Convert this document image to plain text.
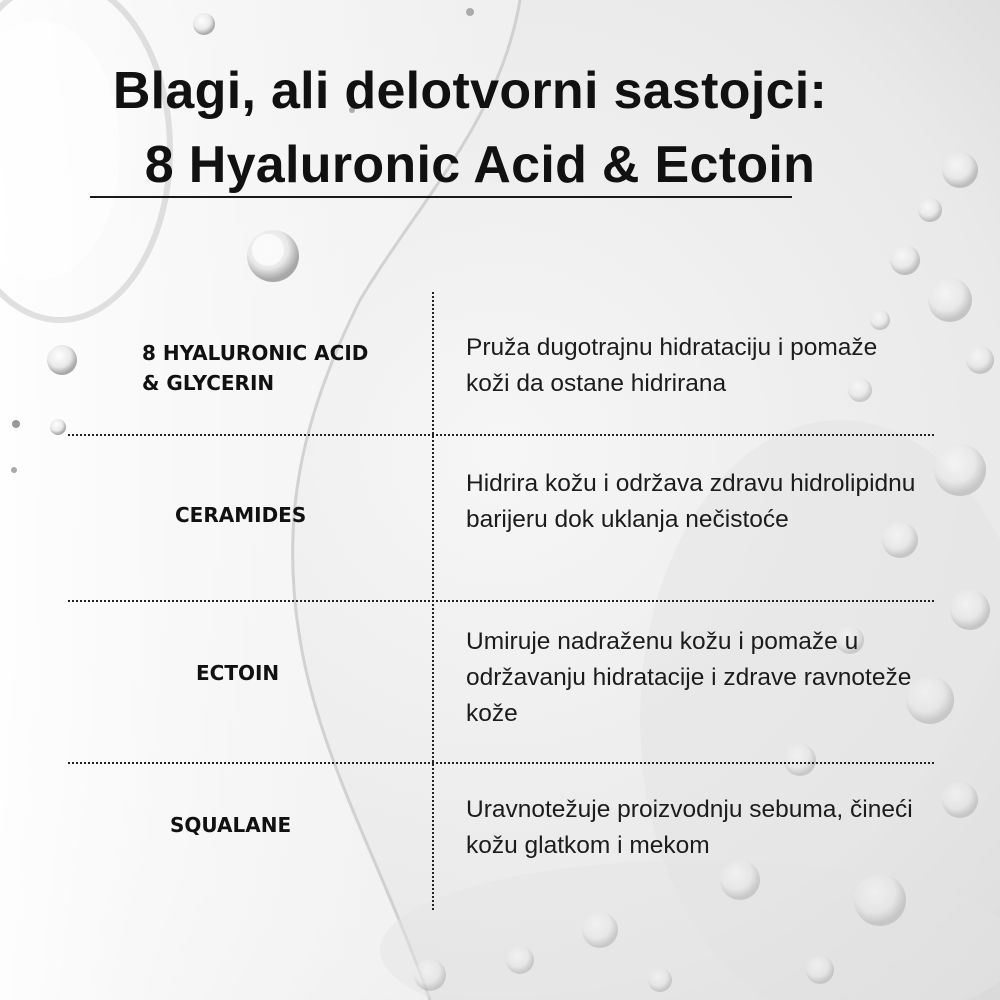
Blagi, ali delotvorni sastojci:

8 Hyaluronic Acid & Ectoin
8 HYALURONIC ACID
& GLYCERIN
Pruža dugotrajnu hidrataciju i pomaže koži da ostane hidrirana
CERAMIDES
Hidrira kožu i održava zdravu hidrolipidnu barijeru dok uklanja nečistoće
ECTOIN
Umiruje nadraženu kožu i pomaže u održavanju hidratacije i zdrave ravnoteže kože
SQUALANE
Uravnotežuje proizvodnju sebuma, čineći kožu glatkom i mekom
